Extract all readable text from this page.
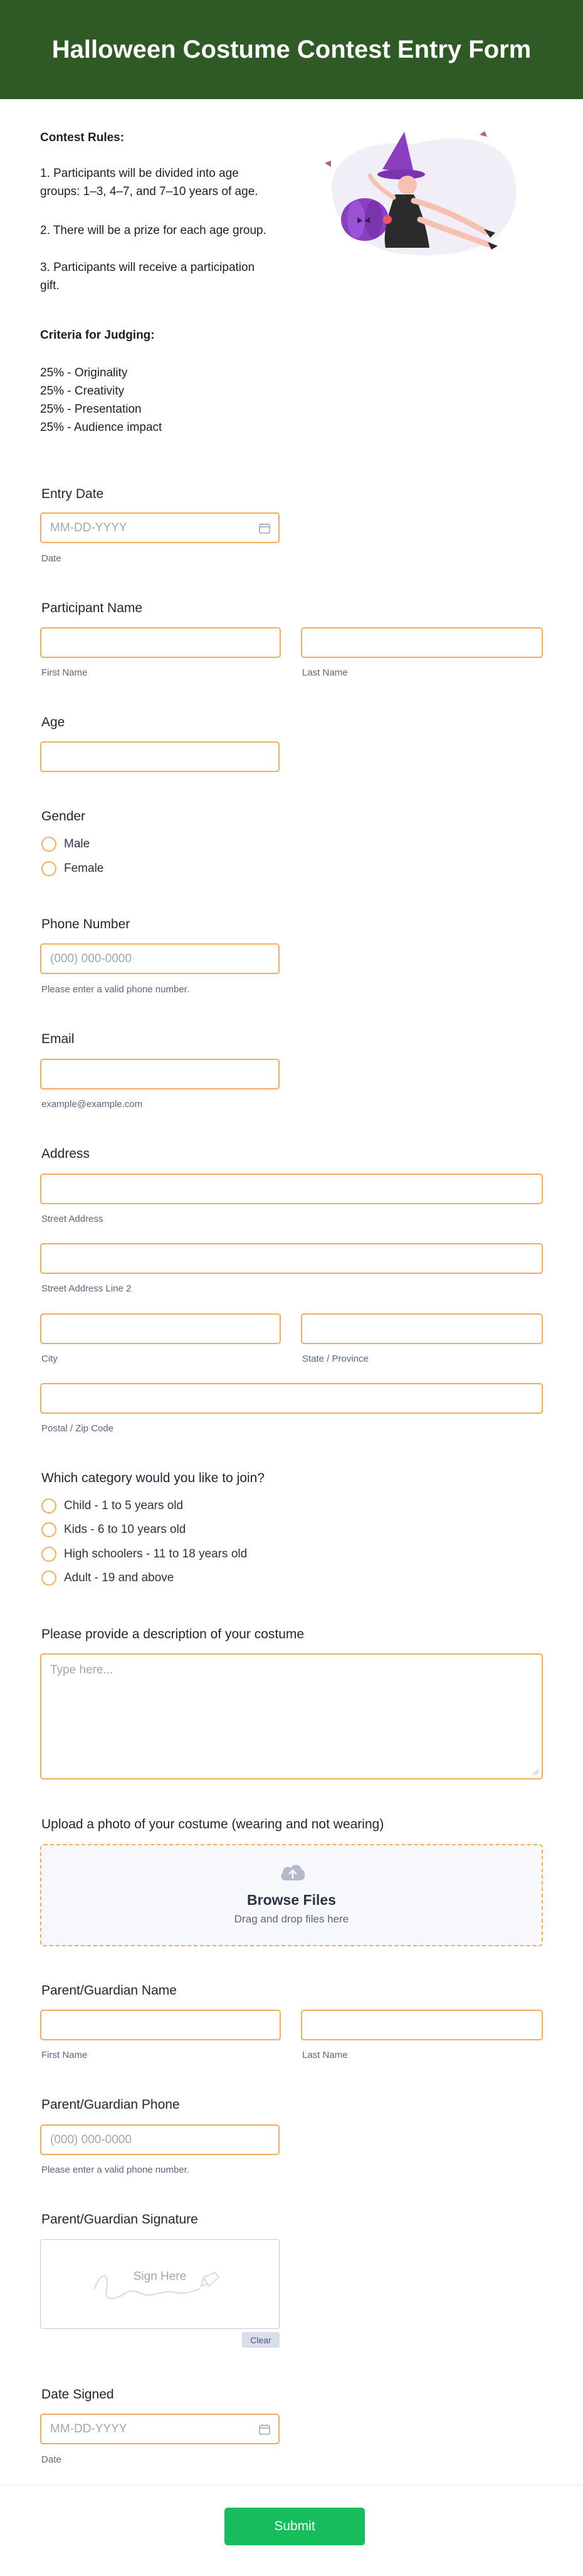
Halloween Costume Contest Entry Form
Contest Rules:
1. Participants will be divided into age
groups: 1–3, 4–7, and 7–10 years of age.
2. There will be a prize for each age group.
3. Participants will receive a participation
gift.
Criteria for Judging:
25% - Originality
25% - Creativity
25% - Presentation
25% - Audience impact
Entry Date
MM-DD-YYYY
Date
Participant Name
First Name	Last Name
Age
Gender
Male
Female
Phone Number
(000) 000-0000
Please enter a valid phone number.
Email
example@example.com
Address
Street Address
Street Address Line 2
City	State / Province
Postal / Zip Code
Which category would you like to join?
Child - 1 to 5 years old
Kids - 6 to 10 years old
High schoolers - 11 to 18 years old
Adult - 19 and above
Please provide a description of your costume
Type here...
Upload a photo of your costume (wearing and not wearing)
Browse Files
Drag and drop files here
Parent/Guardian Name
First Name	Last Name
Parent/Guardian Phone
(000) 000-0000
Please enter a valid phone number.
Parent/Guardian Signature
Sign Here
Clear
Date Signed
MM-DD-YYYY
Date
Submit
